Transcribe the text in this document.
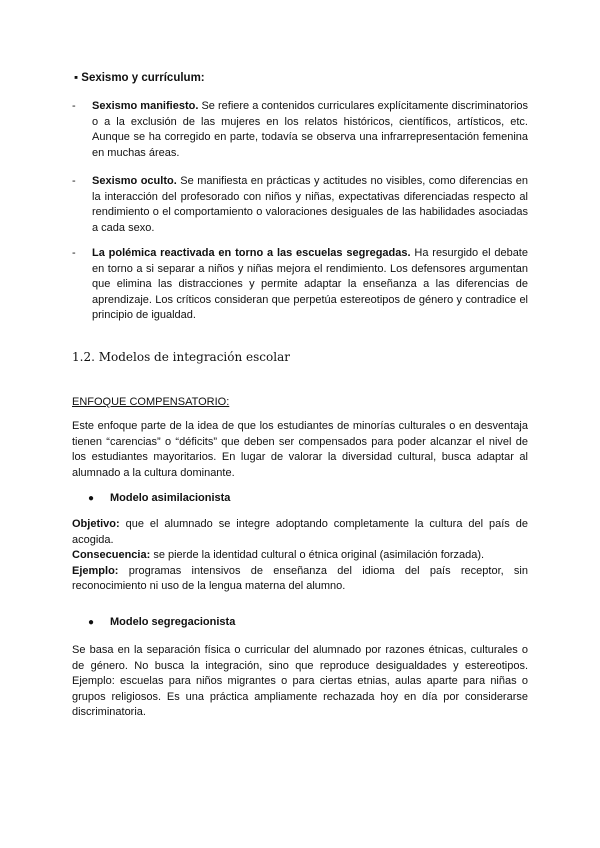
▪ Sexismo y currículum:
-	Sexismo manifiesto. Se refiere a contenidos curriculares explícitamente discriminatorios o a la exclusión de las mujeres en los relatos históricos, científicos, artísticos, etc. Aunque se ha corregido en parte, todavía se observa una infrarrepresentación femenina en muchas áreas.

-	Sexismo oculto. Se manifiesta en prácticas y actitudes no visibles, como diferencias en la interacción del profesorado con niños y niñas, expectativas diferenciadas respecto al rendimiento o el comportamiento o valoraciones desiguales de las habilidades asociadas a cada sexo.

-	La polémica reactivada en torno a las escuelas segregadas. Ha resurgido el debate en torno a si separar a niños y niñas mejora el rendimiento. Los defensores argumentan que elimina las distracciones y permite adaptar la enseñanza a las diferencias de aprendizaje. Los críticos consideran que perpetúa estereotipos de género y contradice el principio de igualdad.

1.2. Modelos de integración escolar
ENFOQUE COMPENSATORIO:

Este enfoque parte de la idea de que los estudiantes de minorías culturales o en desventaja tienen “carencias” o “déficits” que deben ser compensados para poder alcanzar el nivel de los estudiantes mayoritarios. En lugar de valorar la diversidad cultural, busca adaptar al alumnado a la cultura dominante.

● Modelo asimilacionista

Objetivo: que el alumnado se integre adoptando completamente la cultura del país de acogida.

Consecuencia: se pierde la identidad cultural o étnica original (asimilación forzada).

Ejemplo: programas intensivos de enseñanza del idioma del país receptor, sin reconocimiento ni uso de la lengua materna del alumno.

● Modelo segregacionista

Se basa en la separación física o curricular del alumnado por razones étnicas, culturales o de género. No busca la integración, sino que reproduce desigualdades y estereotipos. Ejemplo: escuelas para niños migrantes o para ciertas etnias, aulas aparte para niñas o grupos religiosos. Es una práctica ampliamente rechazada hoy en día por considerarse discriminatoria.
